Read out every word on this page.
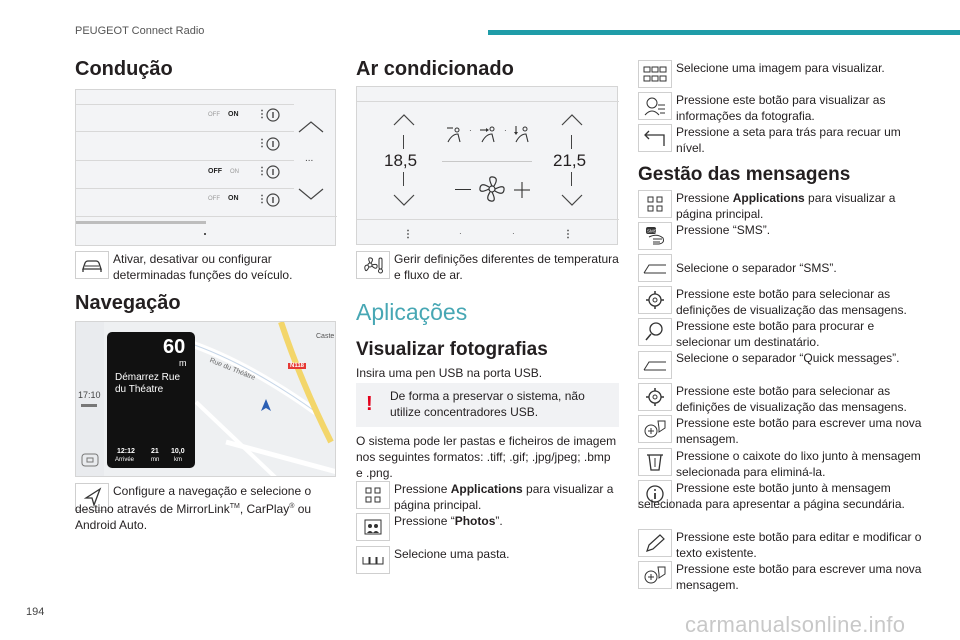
PEUGEOT Connect Radio
Condução
OFF ON ⋮
⋮
OFF ON ⋮
OFF ON ⋮
...
Ativar, desativar ou configurar determinadas funções do veículo.
Navegação
N118
Rue du Théâtre
Caste
17:10
60
m
Démarrez Rue du Théatre
12:12
Arrivée
21
mn
10,0
km
Configure a navegação e selecione o destino através de MirrorLink™, CarPlay® ou Android Auto.
Ar condicionado
18,5	21,5
·	·
⋮	·	·	⋮
Gerir definições diferentes de temperatura e fluxo de ar.
Aplicações
Visualizar fotografias
Insira uma pen USB na porta USB.
! De forma a preservar o sistema, não utilize concentradores USB.
O sistema pode ler pastas e ficheiros de imagem nos seguintes formatos: .tiff; .gif; .jpg/jpeg; .bmp e .png.
Pressione Applications para visualizar a página principal.
Pressione “Photos”.
Selecione uma pasta.
Selecione uma imagem para visualizar.
Pressione este botão para visualizar as informações da fotografia.
Pressione a seta para trás para recuar um nível.
Gestão das mensagens
Pressione Applications para visualizar a página principal.
SMS Pressione “SMS”.
Selecione o separador “SMS”.
Pressione este botão para selecionar as definições de visualização das mensagens.
Pressione este botão para procurar e selecionar um destinatário.
Selecione o separador “Quick messages”.
Pressione este botão para selecionar as definições de visualização das mensagens.
Pressione este botão para escrever uma nova mensagem.
Pressione o caixote do lixo junto à mensagem selecionada para eliminá-la.
Pressione este botão junto à mensagem selecionada para apresentar a página secundária.
Pressione este botão para editar e modificar o texto existente.
Pressione este botão para escrever uma nova mensagem.
194	carmanualsonline.info
